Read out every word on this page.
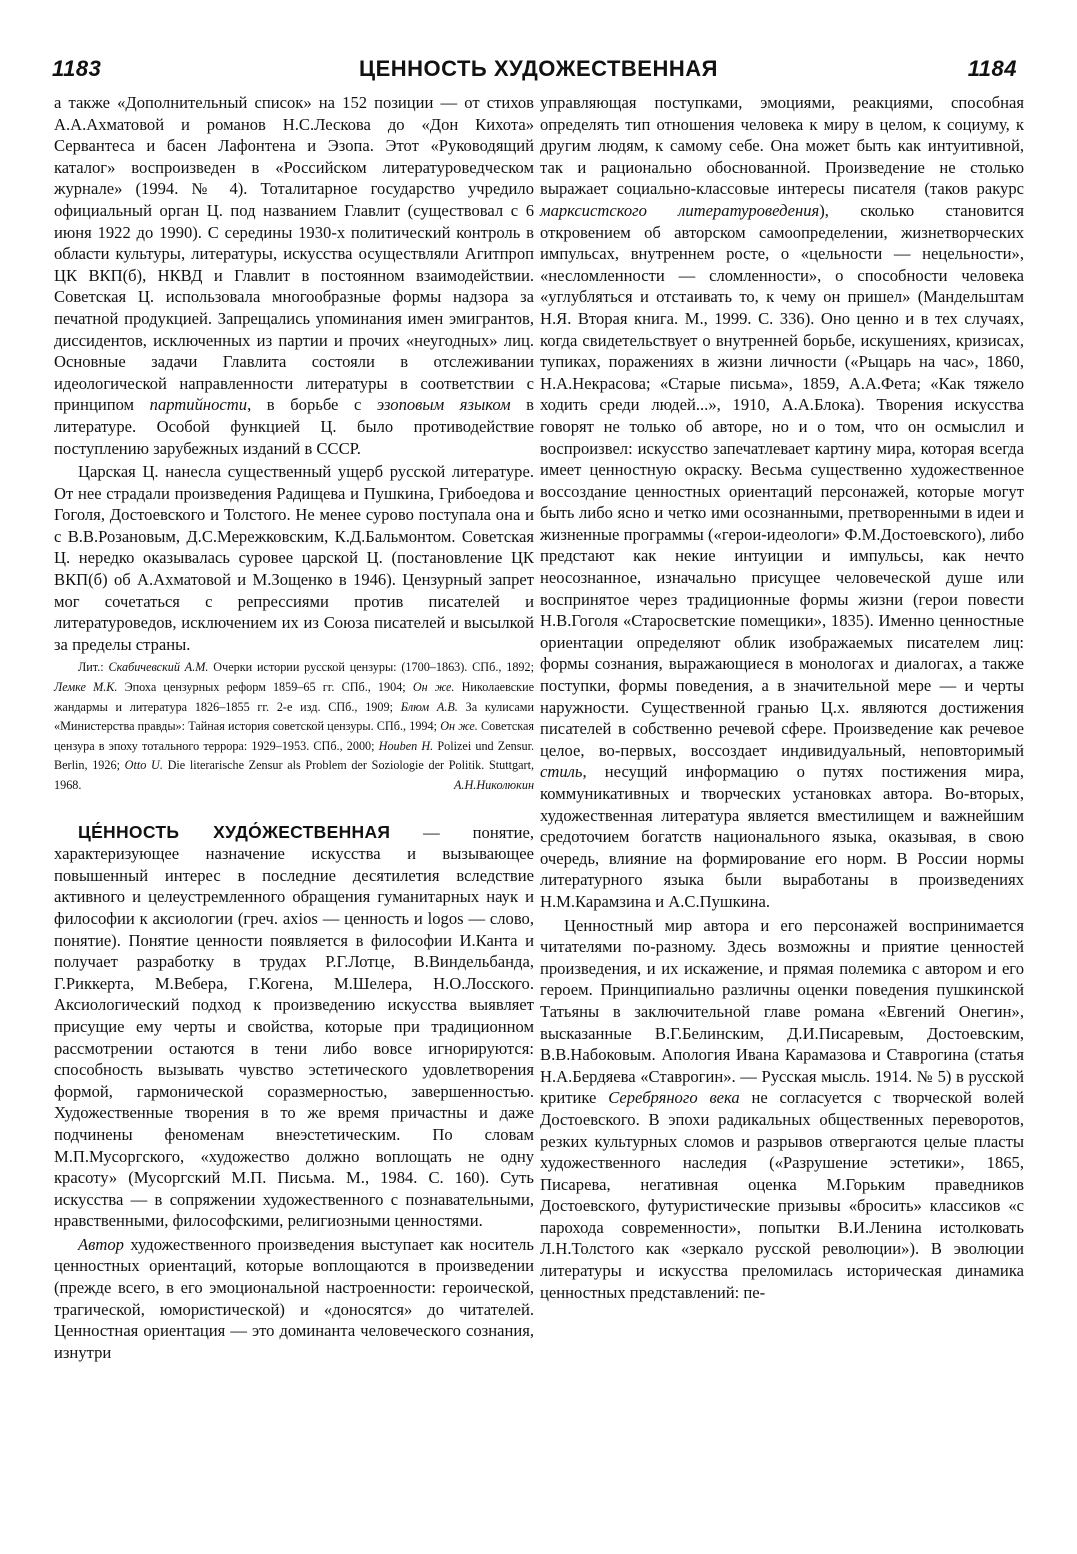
1183	ЦЕННОСТЬ ХУДОЖЕСТВЕННАЯ	1184

а также «Дополнительный список» на 152 позиции — от стихов А.А.Ахматовой и романов Н.С.Лескова до «Дон Кихота» Сервантеса и басен Лафонтена и Эзопа. Этот «Руководящий каталог» воспроизведен в «Российском литературоведческом журнале» (1994. № 4). Тоталитарное государство учредило официальный орган Ц. под названием Главлит (существовал с 6 июня 1922 до 1990). С середины 1930-х политический контроль в области культуры, литературы, искусства осуществляли Агитпроп ЦК ВКП(б), НКВД и Главлит в постоянном взаимодействии. Советская Ц. использовала многообразные формы надзора за печатной продукцией. Запрещались упоминания имен эмигрантов, диссидентов, исключенных из партии и прочих «неугодных» лиц. Основные задачи Главлита состояли в отслеживании идеологической направленности литературы в соответствии с принципом партийности, в борьбе с эзоповым языком в литературе. Особой функцией Ц. было противодействие поступлению зарубежных изданий в СССР.

Царская Ц. нанесла существенный ущерб русской литературе. От нее страдали произведения Радищева и Пушкина, Грибоедова и Гоголя, Достоевского и Толстого. Не менее сурово поступала она и с В.В.Розановым, Д.С.Мережковским, К.Д.Бальмонтом. Советская Ц. нередко оказывалась суровее царской Ц. (постановление ЦК ВКП(б) об А.Ахматовой и М.Зощенко в 1946). Цензурный запрет мог сочетаться с репрессиями против писателей и литературоведов, исключением их из Союза писателей и высылкой за пределы страны.

Лит.: Скабичевский А.М. Очерки истории русской цензуры: (1700–1863). СПб., 1892; Лемке М.К. Эпоха цензурных реформ 1859–65 гг. СПб., 1904; Он же. Николаевские жандармы и литература 1826–1855 гг. 2-е изд. СПб., 1909; Блюм А.В. За кулисами «Министерства правды»: Тайная история советской цензуры. СПб., 1994; Он же. Советская цензура в эпоху тотального террора: 1929–1953. СПб., 2000; Houben H. Polizei und Zensur. Berlin, 1926; Otto U. Die literarische Zensur als Problem der Soziologie der Politik. Stuttgart, 1968.	А.Н.Николюкин

ЦЕ́ННОСТЬ ХУДО́ЖЕСТВЕННАЯ — понятие, характеризующее назначение искусства и вызывающее повышенный интерес в последние десятилетия вследствие активного и целеустремленного обращения гуманитарных наук и философии к аксиологии (греч. axios — ценность и logos — слово, понятие). Понятие ценности появляется в философии И.Канта и получает разработку в трудах Р.Г.Лотце, В.Виндельбанда, Г.Риккерта, М.Вебера, Г.Когена, М.Шелера, Н.О.Лосского. Аксиологический подход к произведению искусства выявляет присущие ему черты и свойства, которые при традиционном рассмотрении остаются в тени либо вовсе игнорируются: способность вызывать чувство эстетического удовлетворения формой, гармонической соразмерностью, завершенностью. Художественные творения в то же время причастны и даже подчинены феноменам внеэстетическим. По словам М.П.Мусоргского, «художество должно воплощать не одну красоту» (Мусоргский М.П. Письма. М., 1984. С. 160). Суть искусства — в сопряжении художественного с познавательными, нравственными, философскими, религиозными ценностями.

Автор художественного произведения выступает как носитель ценностных ориентаций, которые воплощаются в произведении (прежде всего, в его эмоциональной настроенности: героической, трагической, юмористической) и «доносятся» до читателей. Ценностная ориентация — это доминанта человеческого сознания, изнутри

управляющая поступками, эмоциями, реакциями, способная определять тип отношения человека к миру в целом, к социуму, к другим людям, к самому себе. Она может быть как интуитивной, так и рационально обоснованной. Произведение не столько выражает социально-классовые интересы писателя (таков ракурс марксистского литературоведения), сколько становится откровением об авторском самоопределении, жизнетворческих импульсах, внутреннем росте, о «цельности — нецельности», «несломленности — сломленности», о способности человека «углубляться и отстаивать то, к чему он пришел» (Мандельштам Н.Я. Вторая книга. М., 1999. С. 336). Оно ценно и в тех случаях, когда свидетельствует о внутренней борьбе, искушениях, кризисах, тупиках, поражениях в жизни личности («Рыцарь на час», 1860, Н.А.Некрасова; «Старые письма», 1859, А.А.Фета; «Как тяжело ходить среди людей...», 1910, А.А.Блока). Творения искусства говорят не только об авторе, но и о том, что он осмыслил и воспроизвел: искусство запечатлевает картину мира, которая всегда имеет ценностную окраску. Весьма существенно художественное воссоздание ценностных ориентаций персонажей, которые могут быть либо ясно и четко ими осознанными, претворенными в идеи и жизненные программы («герои-идеологи» Ф.М.Достоевского), либо предстают как некие интуиции и импульсы, как нечто неосознанное, изначально присущее человеческой душе или воспринятое через традиционные формы жизни (герои повести Н.В.Гоголя «Старосветские помещики», 1835). Именно ценностные ориентации определяют облик изображаемых писателем лиц: формы сознания, выражающиеся в монологах и диалогах, а также поступки, формы поведения, а в значительной мере — и черты наружности. Существенной гранью Ц.х. являются достижения писателей в собственно речевой сфере. Произведение как речевое целое, во-первых, воссоздает индивидуальный, неповторимый стиль, несущий информацию о путях постижения мира, коммуникативных и творческих установках автора. Во-вторых, художественная литература является вместилищем и важнейшим средоточием богатств национального языка, оказывая, в свою очередь, влияние на формирование его норм. В России нормы литературного языка были выработаны в произведениях Н.М.Карамзина и А.С.Пушкина.

Ценностный мир автора и его персонажей воспринимается читателями по-разному. Здесь возможны и приятие ценностей произведения, и их искажение, и прямая полемика с автором и его героем. Принципиально различны оценки поведения пушкинской Татьяны в заключительной главе романа «Евгений Онегин», высказанные В.Г.Белинским, Д.И.Писаревым, Достоевским, В.В.Набоковым. Апология Ивана Карамазова и Ставрогина (статья Н.А.Бердяева «Ставрогин». — Русская мысль. 1914. № 5) в русской критике Серебряного века не согласуется с творческой волей Достоевского. В эпохи радикальных общественных переворотов, резких культурных сломов и разрывов отвергаются целые пласты художественного наследия («Разрушение эстетики», 1865, Писарева, негативная оценка М.Горьким праведников Достоевского, футуристические призывы «бросить» классиков «с парохода современности», попытки В.И.Ленина истолковать Л.Н.Толстого как «зеркало русской революции»). В эволюции литературы и искусства преломилась историческая динамика ценностных представлений: пе-
